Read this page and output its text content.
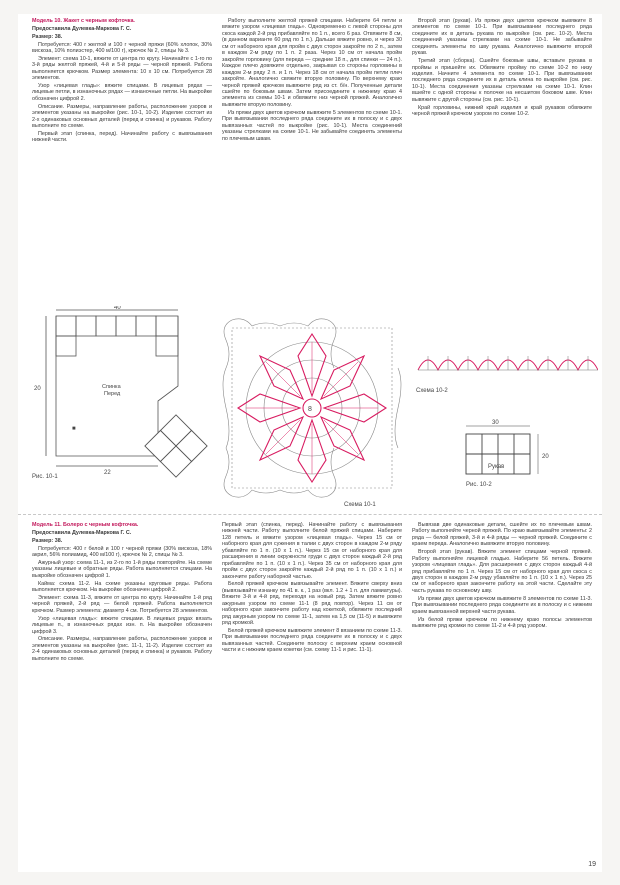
Модель 10. Жакет с черным кофточка.

Предоставила Дулевка-Маркова Г. С.

Размер: 38.

Потребуется: 400 г желтой и 100 г черной пряжи (60% хлопок, 30% вискоза, 10% полиэстер, 400 м/100 г), крючок № 2, спицы № 3.

Элемент: схема 10-1, вяжите от центра по кругу. Начинайте с 1-го по 3-й ряды желтой пряжей, 4-й и 5-й ряды — черной пряжей. Работа выполняется крючком. Размер элемента: 10 х 10 см. Потребуется 28 элементов.

Узор «лицевая гладь»: вяжите спицами. В лицевых рядах — лицевые петли, в изнаночных рядах — изнаночные петли. На выкройке обозначен цифрой 2.

Описание. Размеры, направление работы, расположение узоров и элементов указаны на выкройке (рис. 10-1, 10-2). Изделие состоит из 2-х одинаковых основных деталей (перед и спинка) и рукавов. Работу выполните по схеме.

Первый этап (спинка, перед). Начинайте работу с вывязывания нижней части.

Работу выполните желтой пряжей спицами. Наберите 64 петли и вяжите узором «лицевая гладь». Одновременно с левой стороны для скоса каждой 2-й ряд прибавляйте по 1 п., всего 6 раз. Отвяжите 8 см, (в данном варианте 60 ряд по 1 п.). Дальше вяжите ровно, и через 30 см от наборного края для пройм с двух сторон закройте по 2 п., затем в каждом 2-м ряду по 1 п. 2 раза. Через 10 см от начала пройм закройте горловину (для переда — средние 18 п., для спинки — 24 п.). Каждое плечо довяжите отдельно, закрывая со стороны горловины в каждом 2-м ряду 2 п. и 1 п. Через 18 см от начала пройм петли плеч закройте. Аналогично свяжите вторую половину. По верхнему краю черной пряжей крючком вывяжите ряд из ст. б/н. Полученные детали сшейте по боковым швам. Затем присоедините к нижнему краю 4 элемента из схемы 10-1 и обвяжите низ черной пряжей. Аналогично вывяжите вторую половину.

Из пряжи двух цветов крючком вывяжите 5 элементов по схеме 10-1. При вывязывании последнего ряда соедините их в полоску и с двух вывязанных частей по выкройке (рис. 10-1). Места соединений указаны стрелками на схеме 10-1. Не забывайте соединять элементы по плечевым швам.

Второй этап (рукав). Из пряжи двух цветов крючком вывяжите 8 элементов по схеме 10-1. При вывязывании последнего ряда соедините их в деталь рукава по выкройке (см. рис. 10-2). Места соединений указаны стрелками на схеме 10-1. Не забывайте соединять элементы по шву рукава. Аналогично вывяжите второй рукав.

Третий этап (сборка). Сшейте боковые швы, вставьте рукава в проймы и пришейте их. Обвяжите пройму по схеме 10-2 по низу изделия. Начните 4 элемента по схеме 10-1. При вывязывании последнего ряда соедините их в деталь клина по выкройке (см. рис. 10-1). Места соединения указаны стрелками на схеме 10-1. Клин вшейте с одной стороны к полочке на несшитом боковом шве. Клин вывяжите с другой стороны (см. рис. 10-1).

Край горловины, нижний край изделия и край рукавов обвяжите черной пряжей крючком узором по схеме 10-2.

40
22
20	Спинка Перед
■
Рис. 10-1
8
Схема 10-1
Схема 10-2
Рукав
30
20
Рис. 10-2

Модель 11. Болеро с черным кофточка.

Предоставила Дулевка-Маркова Г. С.

Размер: 38.

Потребуется: 400 г белой и 100 г черной пряжи (30% вискоза, 18% акрил, 56% полиамид, 400 м/100 г), крючок № 2, спицы № 3.

Ажурный узор: схема 11-1, из 2-го по 1-й ряды повторяйте. На схеме указаны лицевые и обратные ряды. Работа выполняется спицами. На выкройке обозначен цифрой 1.

Кайма: схема 11-2. На схеме указаны круговые ряды. Работа выполняется крючком. На выкройке обозначен цифрой 2.

Элемент: схема 11-3, вяжите от центра по кругу. Начинайте 1-й ряд черной пряжей, 2-й ряд — белой пряжей. Работа выполняется крючком. Размер элемента: диаметр 4 см. Потребуется 28 элементов.

Узор «лицевая гладь»: вяжите спицами. В лицевых рядах вязать лицевые п., в изнаночных рядах изн. п. На выкройке обозначен цифрой 3.

Описание. Размеры, направление работы, расположение узоров и элементов указаны на выкройке (рис. 11-1, 11-2). Изделие состоит из 2-4 одинаковых основных деталей (перед и спинка) и рукавов. Работу выполните по схеме.

Первый этап (спинка, перед). Начинайте работу с вывязывания нижней части. Работу выполните белой пряжей спицами. Наберите 128 петель и вяжите узором «лицевая гладь». Через 15 см от наборного края для сужения в талии с двух сторон в каждом 2-м ряду убавляйте по 1 п. (10 х 1 п.). Через 15 см от наборного края для расширения в линии окружности груди с двух сторон каждый 2-й ряд прибавляйте по 1 п. (10 х 1 п.). Через 35 см от наборного края для пройм с двух сторон закройте каждый 2-й ряд по 1 п. (10 х 1 п.) и закончите работу наборной частью.

Белой пряжей крючком вывязывайте элемент. Вяжите сверху вниз (вывязывайте изнанку по 41 в. к., 1 раз (вкл. 1.2 + 1 п. для ламиатуры). Вяжите 3-й и 4-й ряд, переходя на новый ряд. Затем вяжите ровно ажурным узором по схеме 11-1 (8 ряд повтор). Через 11 см от наборного края закончите работу над кокеткой, обвяжите последний ряд ажурным узором по схеме 11-1, затем на 1,5 см (11-5) и вывяжите ряд кромкой.

Белой пряжей крючком вывяжите элемент 8 вязанием по схеме 11-3. При вывязывании последнего ряда соедините их в полоску и с двух вывязанных частей. Соедините полоску с верхним краем основной части и с нижним краем кокетки (см. схему 11-1 и рис. 11-1).

Вывязав две одинаковые детали, сшейте их по плечевым швам. Работу выполняйте черной пряжей. По краю вывязывайте элементы: 2 ряда — белой пряжей, 3-й и 4-й ряды — черной пряжей. Соедините с краем переда. Аналогично вывяжите вторую половину.

Второй этап (рукав). Вяжите элемент спицами черной пряжей. Работу выполняйте лицевой гладью. Наберите 56 петель. Вяжите узором «лицевая гладь». Для расширения с двух сторон каждый 4-й ряд прибавляйте по 1 п. Через 15 см от наборного края для скоса с двух сторон в каждом 2-м ряду убавляйте по 1 п. (10 х 1 п.). Через 25 см от наборного края закончите работу на этой части. Сделайте эту часть рукава по основному шву.

Из пряжи двух цветов крючком вывяжите 8 элементов по схеме 11-3. При вывязывании последнего ряда соедините их в полоску и с нижним краем вывязанной верхней части рукава.

Из белой пряжи крючком по нижнему краю полосы элементов вывяжите ряд кромки по схеме 11-2 и 4-й ряд узором.

19
